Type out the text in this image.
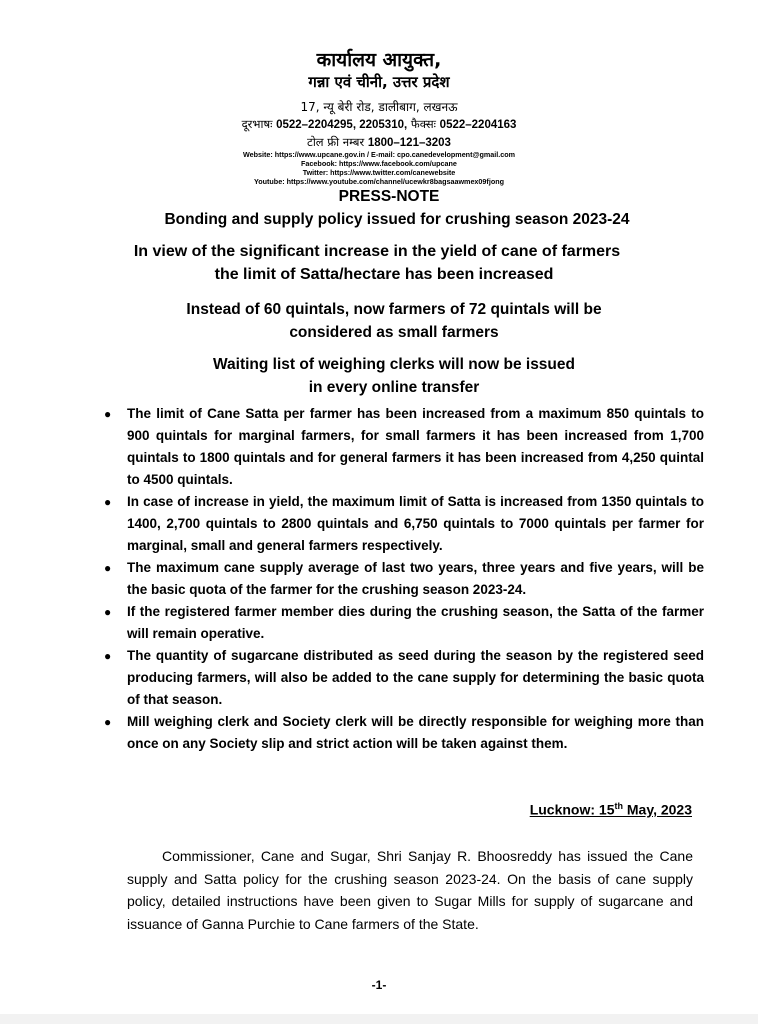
कार्यालय आयुक्त,
गन्ना एवं चीनी, उत्तर प्रदेश
17, न्यू बेरी रोड, डालीबाग, लखनऊ
दूरभाषः 0522–2204295, 2205310, फैक्सः 0522–2204163
टोल फ्री नम्बर 1800–121–3203
Website: https://www.upcane.gov.in / E-mail: cpo.canedevelopment@gmail.com
Facebook: https://www.facebook.com/upcane
Twitter: https://www.twitter.com/canewebsite
Youtube: https://www.youtube.com/channel/ucewkr8bagsaawmex09fjong
PRESS-NOTE
Bonding and supply policy issued for crushing season 2023-24
In view of the significant increase in the yield of cane of farmers
the limit of Satta/hectare has been increased
Instead of 60 quintals, now farmers of 72 quintals will be
considered as small farmers
Waiting list of weighing clerks will now be issued
in every online transfer
● The limit of Cane Satta per farmer has been increased from a maximum 850 quintals to 900 quintals for marginal farmers, for small farmers it has been increased from 1,700 quintals to 1800 quintals and for general farmers it has been increased from 4,250 quintal to 4500 quintals.
● In case of increase in yield, the maximum limit of Satta is increased from 1350 quintals to 1400, 2,700 quintals to 2800 quintals and 6,750 quintals to 7000 quintals per farmer for marginal, small and general farmers respectively.
● The maximum cane supply average of last two years, three years and five years, will be the basic quota of the farmer for the crushing season 2023-24.
● If the registered farmer member dies during the crushing season, the Satta of the farmer will remain operative.
● The quantity of sugarcane distributed as seed during the season by the registered seed producing farmers, will also be added to the cane supply for determining the basic quota of that season.
● Mill weighing clerk and Society clerk will be directly responsible for weighing more than once on any Society slip and strict action will be taken against them.
Lucknow: 15th May, 2023

Commissioner, Cane and Sugar, Shri Sanjay R. Bhoosreddy has issued the Cane supply and Satta policy for the crushing season 2023-24. On the basis of cane supply policy, detailed instructions have been given to Sugar Mills for supply of sugarcane and issuance of Ganna Purchie to Cane farmers of the State.

-1-
